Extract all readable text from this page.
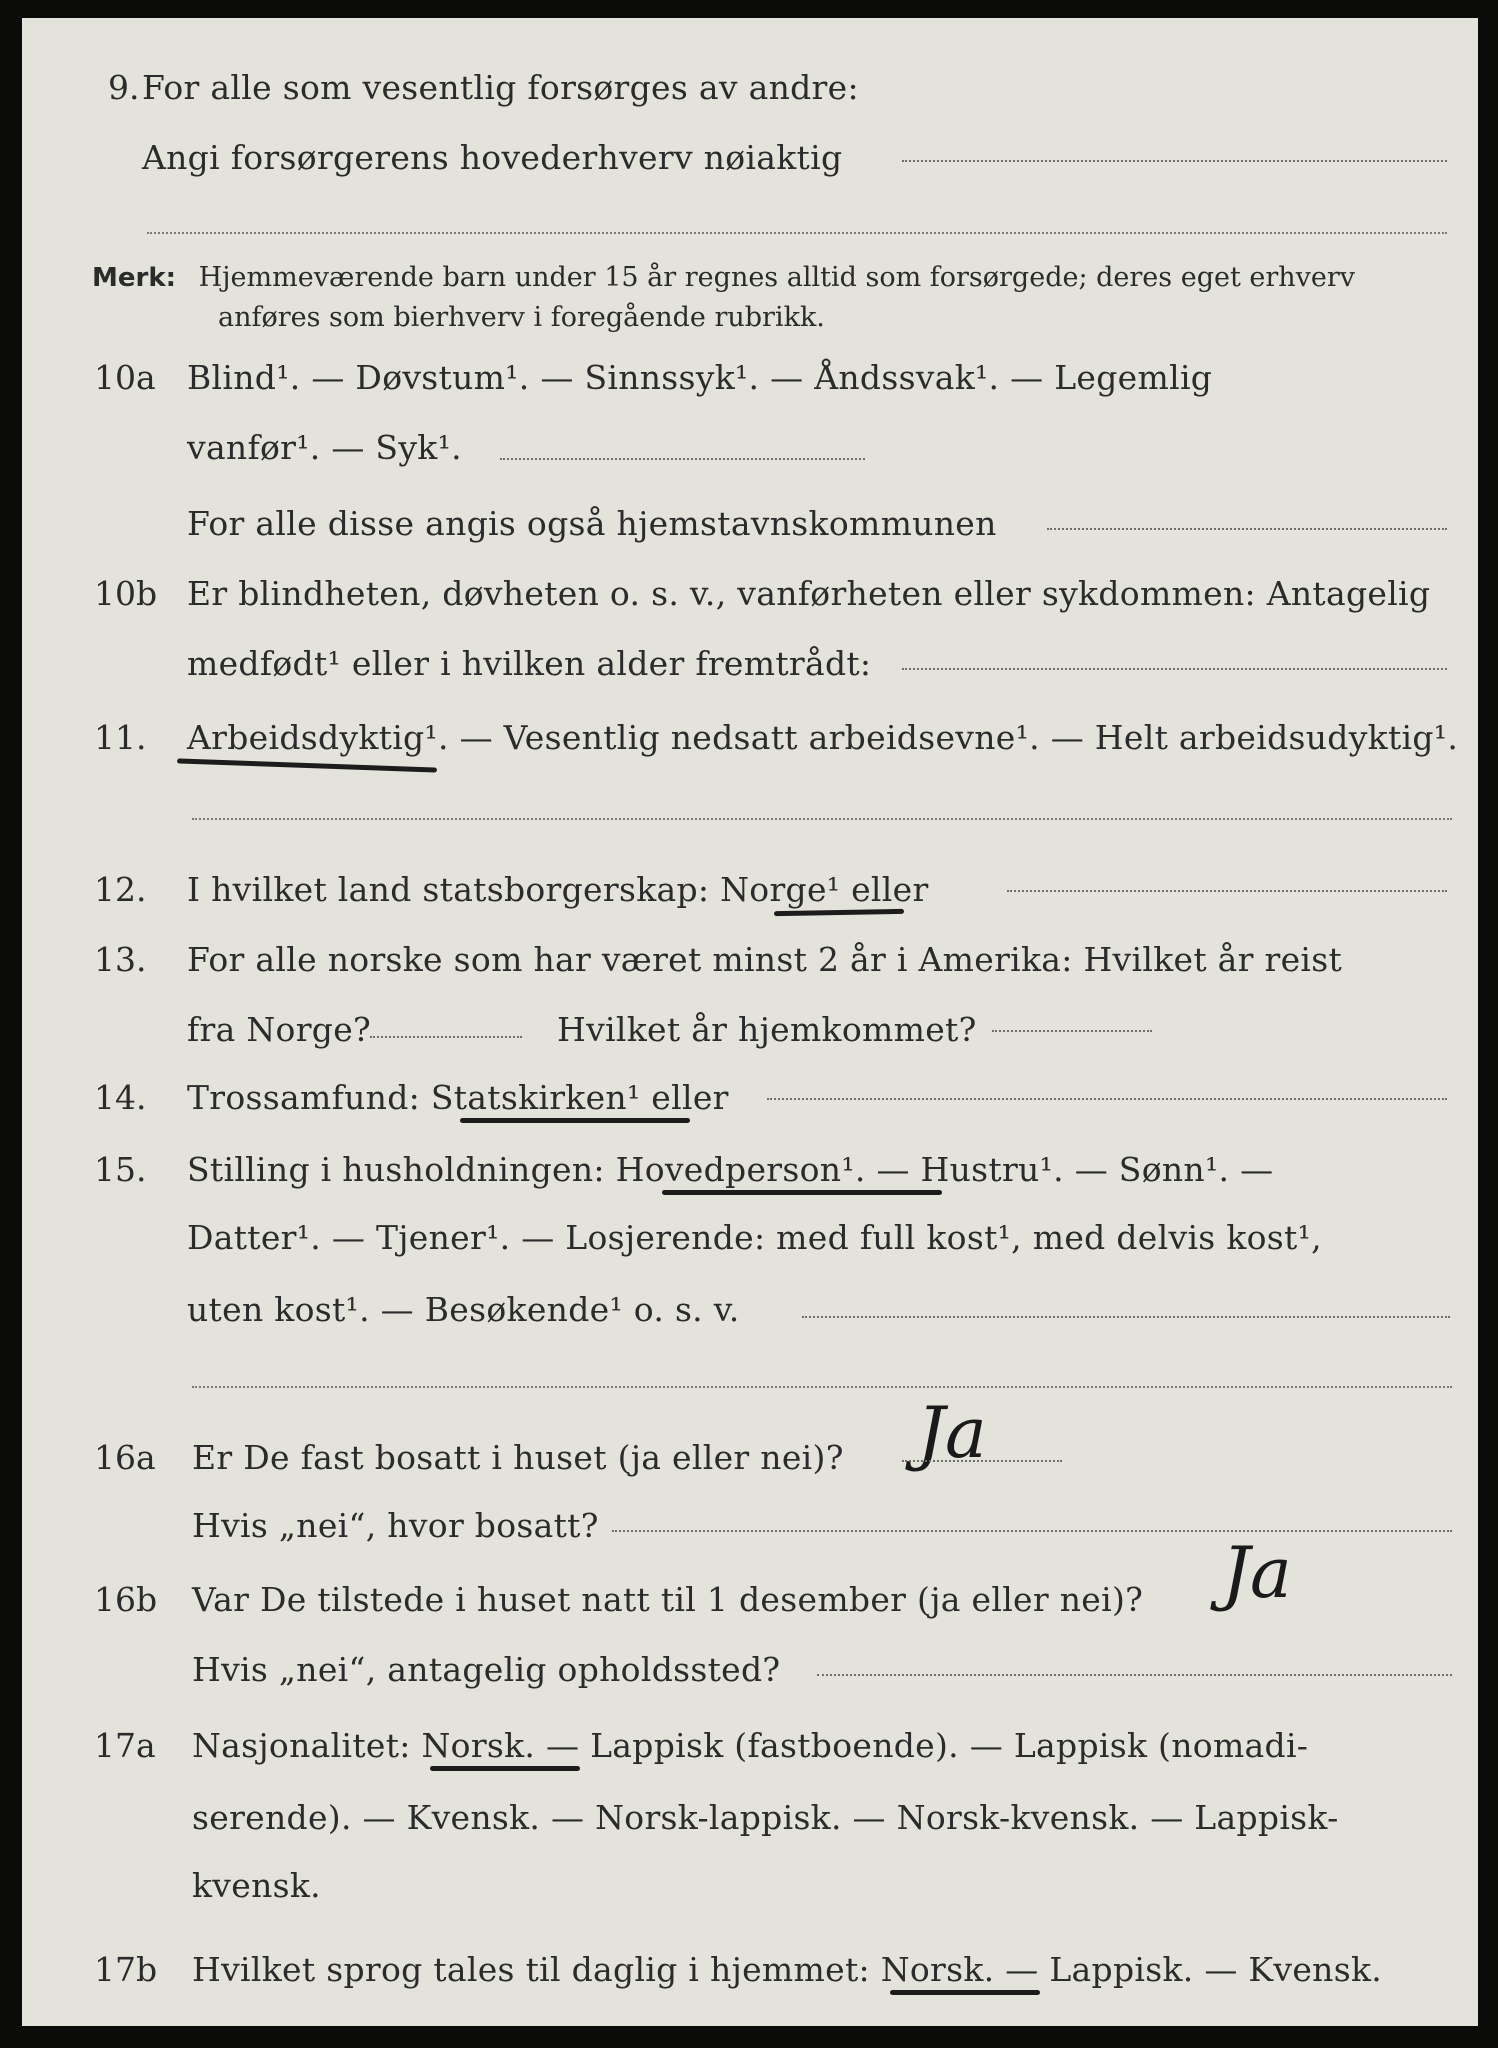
9. For alle som vesentlig forsørges av andre:
Angi forsørgerens hovederhverv nøiaktig
Merk: Hjemmeværende barn under 15 år regnes alltid som forsørgede; deres eget erhverv
anføres som bierhverv i foregående rubrikk.
10a Blind¹. — Døvstum¹. — Sinnssyk¹. — Åndssvak¹. — Legemlig
vanfør¹. — Syk¹.
For alle disse angis også hjemstavnskommunen
10b Er blindheten, døvheten o. s. v., vanførheten eller sykdommen: Antagelig
medfødt¹ eller i hvilken alder fremtrådt:
11. Arbeidsdyktig¹. — Vesentlig nedsatt arbeidsevne¹. — Helt arbeidsudyktig¹.
12. I hvilket land statsborgerskap: Norge¹ eller
13. For alle norske som har været minst 2 år i Amerika: Hvilket år reist
fra Norge?	Hvilket år hjemkommet?
14. Trossamfund: Statskirken¹ eller
15. Stilling i husholdningen: Hovedperson¹. — Hustru¹. — Sønn¹. —
Datter¹. — Tjener¹. — Losjerende: med full kost¹, med delvis kost¹,
uten kost¹. — Besøkende¹ o. s. v.
16a Er De fast bosatt i huset (ja eller nei)? Ja
Hvis „nei“, hvor bosatt?
16b Var De tilstede i huset natt til 1 desember (ja eller nei)? Ja
Hvis „nei“, antagelig opholdssted?
17a Nasjonalitet: Norsk. — Lappisk (fastboende). — Lappisk (nomadi-
serende). — Kvensk. — Norsk-lappisk. — Norsk-kvensk. — Lappisk-
kvensk.
17b Hvilket sprog tales til daglig i hjemmet: Norsk. — Lappisk. — Kvensk.
